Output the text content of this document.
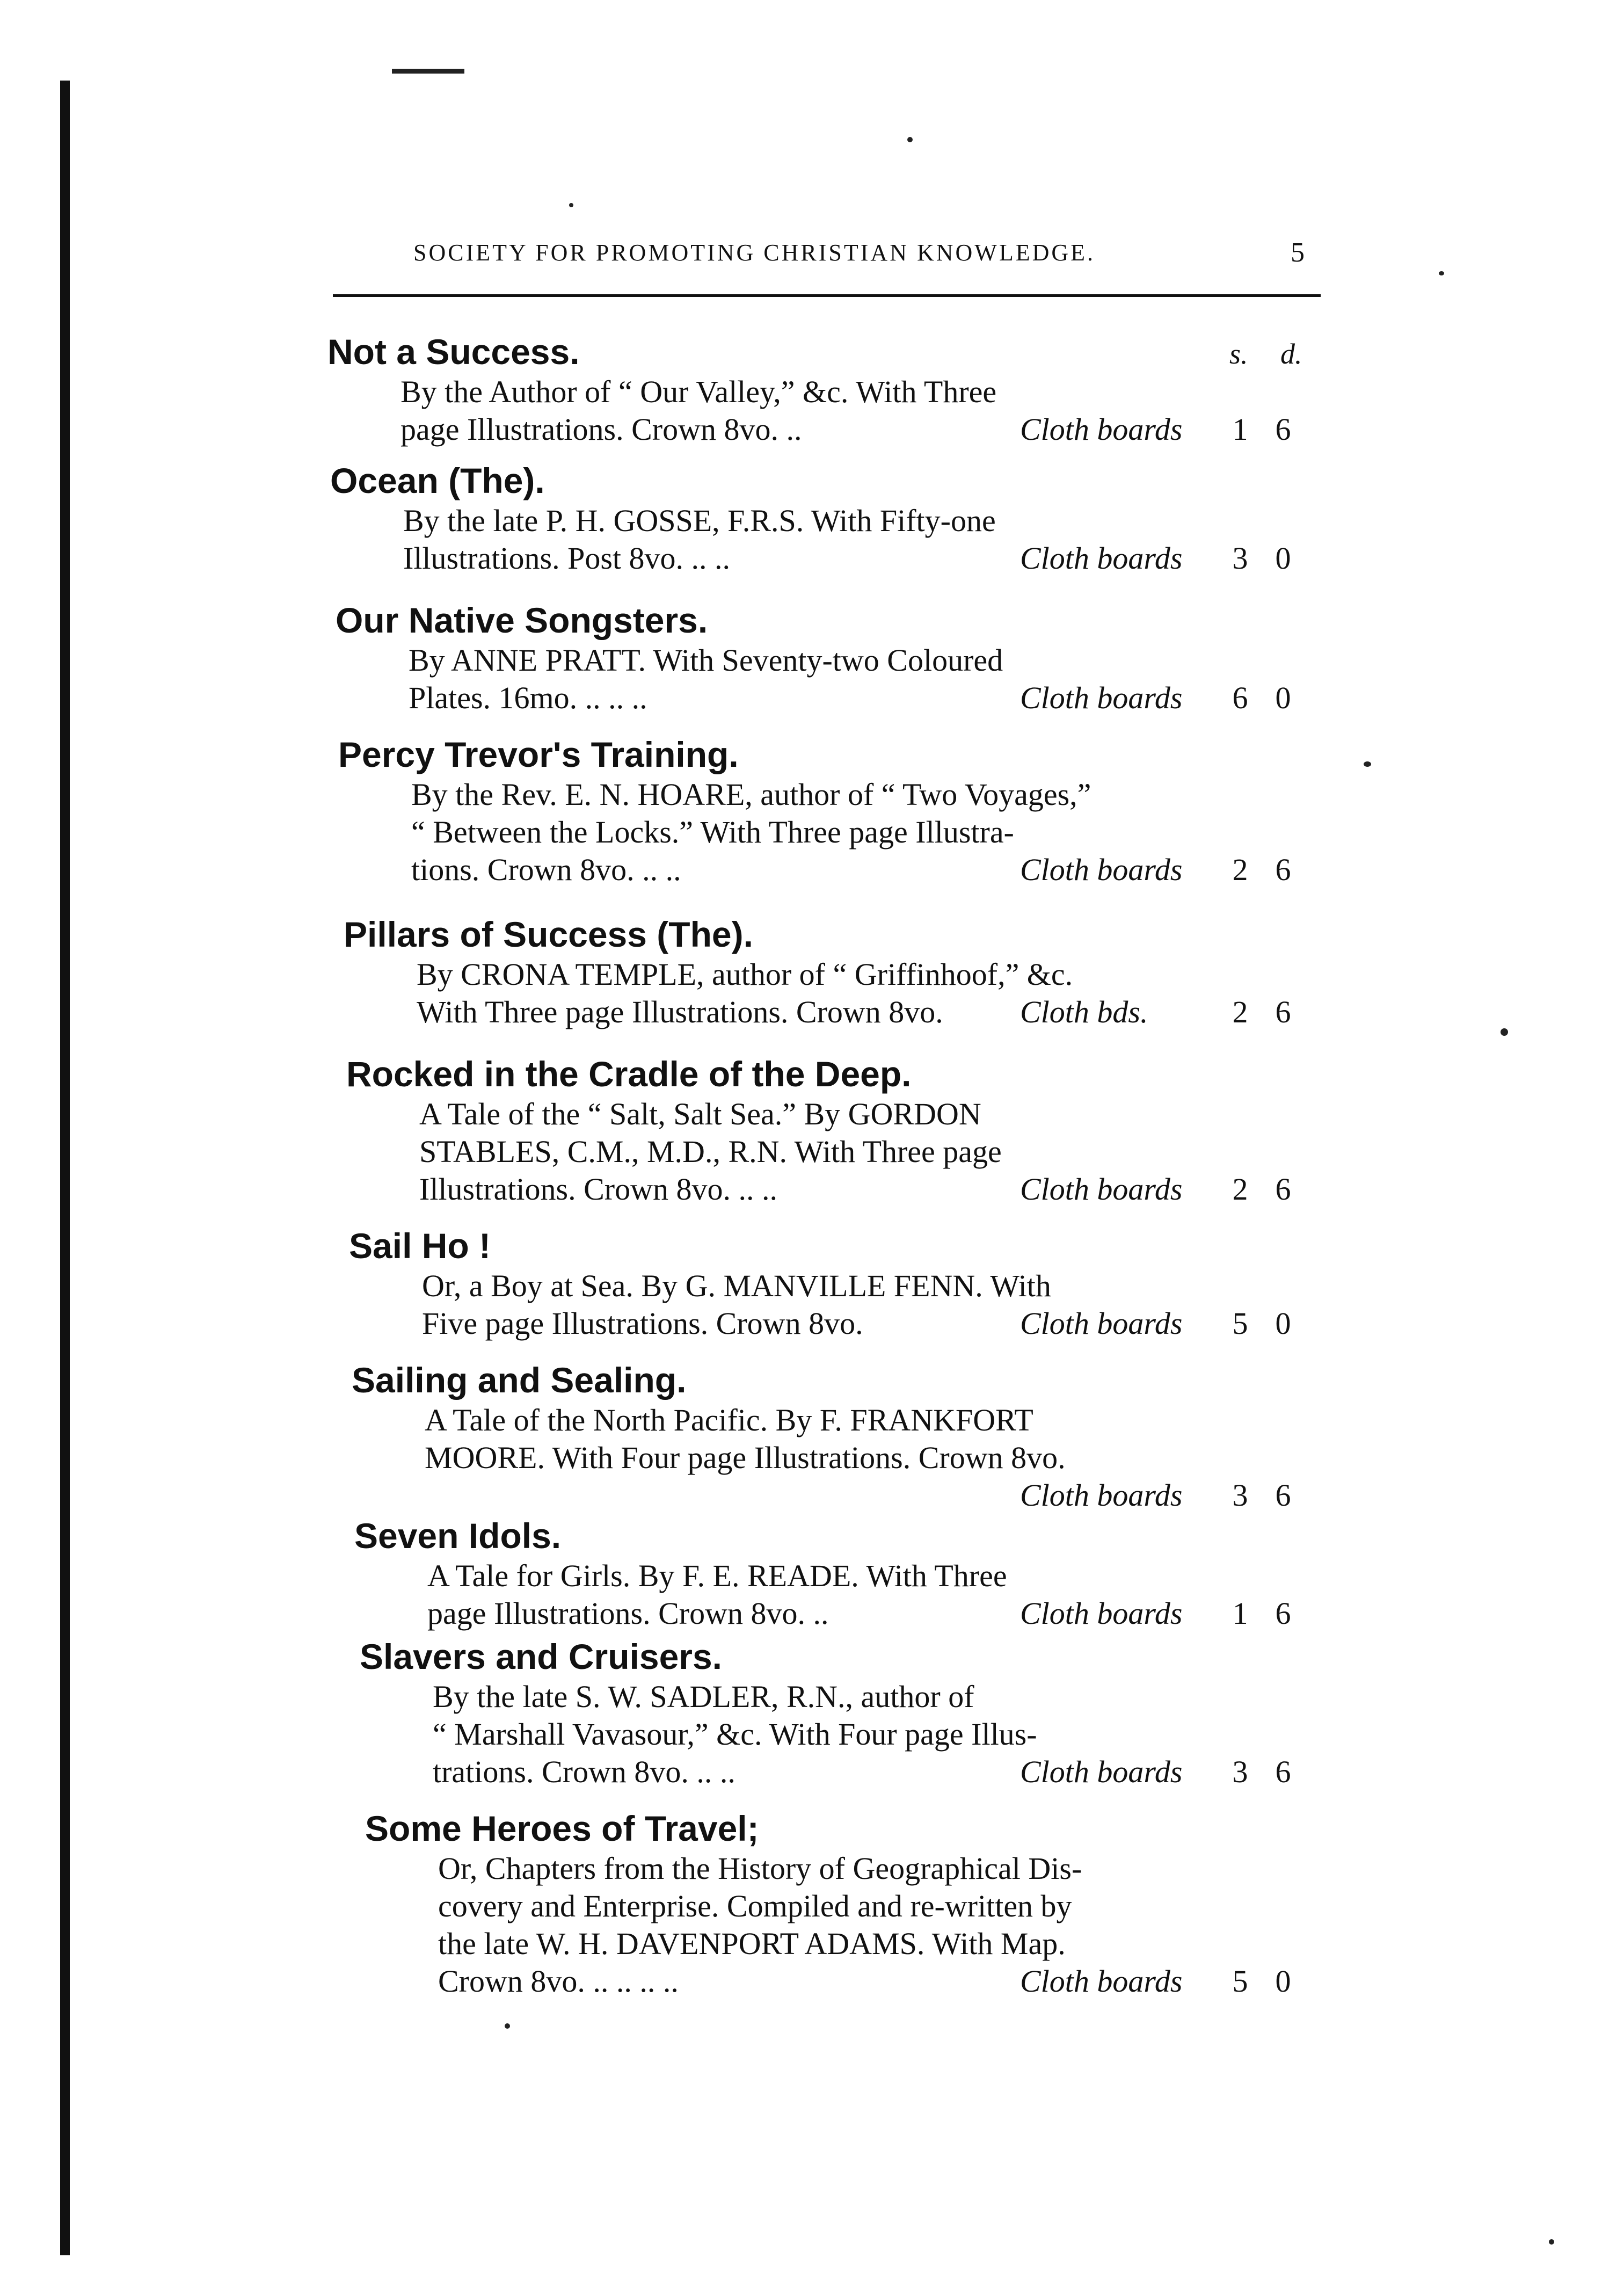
SOCIETY FOR PROMOTING CHRISTIAN KNOWLEDGE.	5
s. d.
Not a Success.
By the Author of “ Our Valley,” &c. With Three
page Illustrations. Crown 8vo. ..	Cloth boards	1 6
Ocean (The).
By the late P. H. GOSSE, F.R.S. With Fifty-one
Illustrations. Post 8vo. .. ..	Cloth boards	3 0
Our Native Songsters.
By ANNE PRATT. With Seventy-two Coloured
Plates. 16mo. .. .. ..	Cloth boards	6 0
Percy Trevor's Training.
By the Rev. E. N. HOARE, author of “ Two Voyages,”
“ Between the Locks.” With Three page Illustra-
tions. Crown 8vo. .. ..	Cloth boards	2 6
Pillars of Success (The).
By CRONA TEMPLE, author of “ Griffinhoof,” &c.
With Three page Illustrations. Crown 8vo. Cloth bds.	2 6
Rocked in the Cradle of the Deep.
A Tale of the “ Salt, Salt Sea.” By GORDON
STABLES, C.M., M.D., R.N. With Three page
Illustrations. Crown 8vo. .. ..	Cloth boards	2 6
Sail Ho !
Or, a Boy at Sea. By G. MANVILLE FENN. With
Five page Illustrations. Crown 8vo.	Cloth boards	5 0
Sailing and Sealing.
A Tale of the North Pacific. By F. FRANKFORT
MOORE. With Four page Illustrations. Crown 8vo.
Cloth boards	3 6
Seven Idols.
A Tale for Girls. By F. E. READE. With Three
page Illustrations. Crown 8vo. ..	Cloth boards	1 6
Slavers and Cruisers.
By the late S. W. SADLER, R.N., author of
“ Marshall Vavasour,” &c. With Four page Illus-
trations. Crown 8vo. .. ..	Cloth boards	3 6
Some Heroes of Travel;
Or, Chapters from the History of Geographical Dis-
covery and Enterprise. Compiled and re-written by
the late W. H. DAVENPORT ADAMS. With Map.
Crown 8vo. .. .. .. ..	Cloth boards	5 0
